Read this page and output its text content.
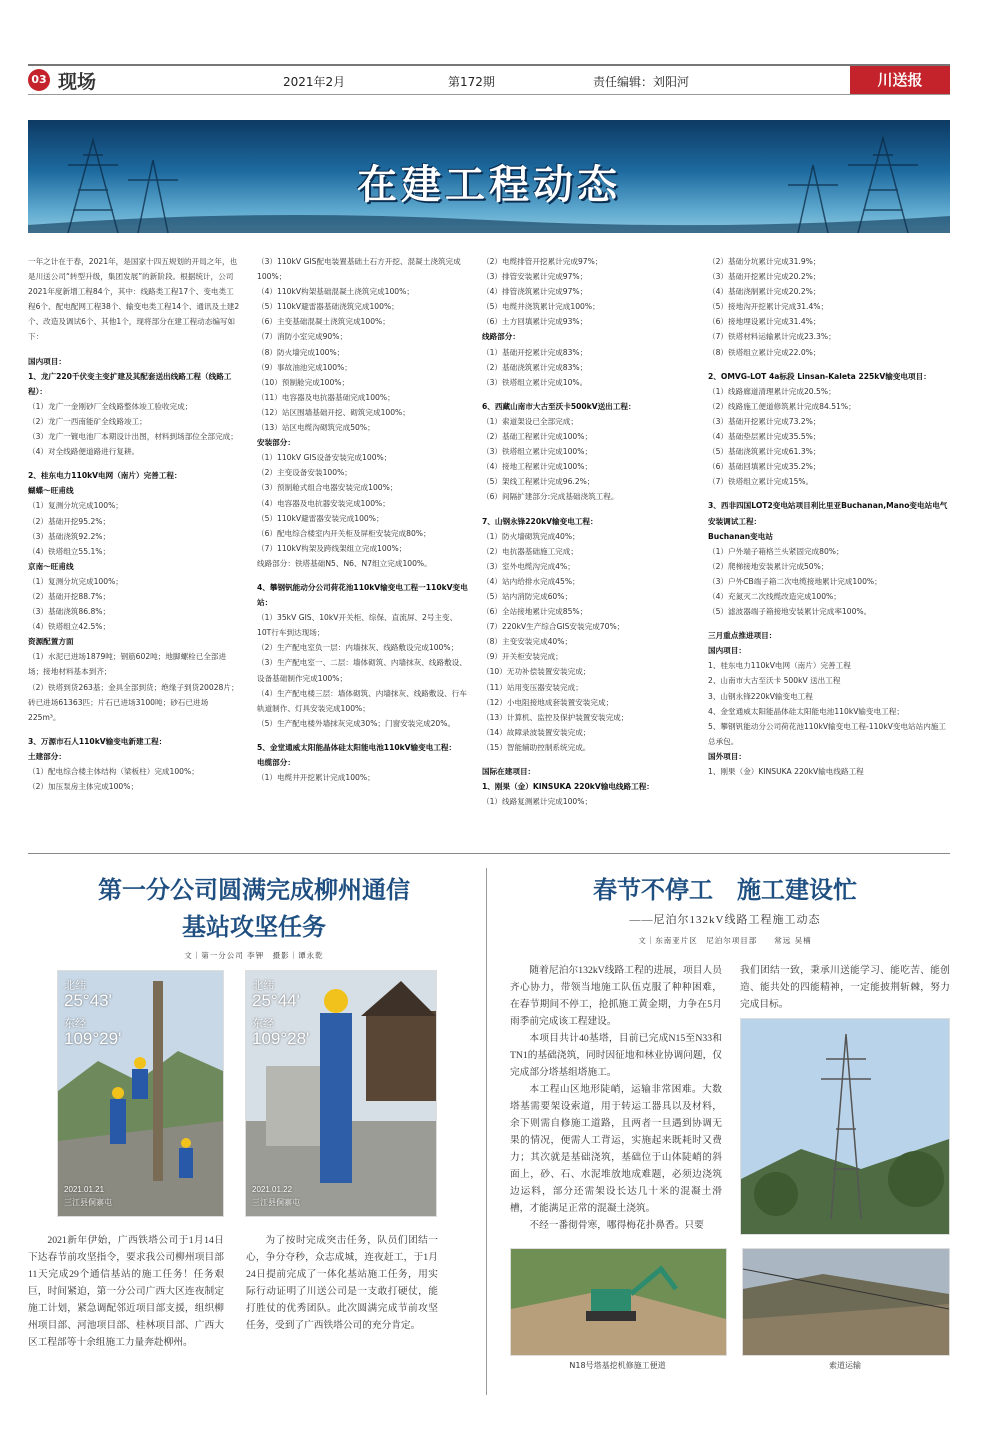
03 现场	2021年2月	第172期	责任编辑：刘阳河	川送报
在建工程动态
一年之计在于春，2021年，是国家十四五规划的开局之年，也是川送公司“转型升级，集团发展”的新阶段。根据统计，公司2021年度新增工程84个，其中：线路类工程17个、变电类工程6个、配电配网工程38个、输变电类工程14个、通讯及土建2个、改造及调试6个、其他1个，现将部分在建工程动态编写如下：
国内项目：
1、龙广220千伏变主变扩建及其配套送出线路工程（线路工程）：
（1）龙广一金刚砂厂全线路整体竣工验收完成；
（2）龙广一西南能矿全线路竣工；
（3）龙广一镀电池厂本期设计出图，材料到场部位全部完成；
（4）对全线路便道路进行复耕。
2、桂东电力110kV电网（南片）完善工程：
蝴蝶～旺甫线
（1）复测分坑完成100%；
（2）基础开挖95.2%；
（3）基础浇筑92.2%；
（4）铁塔组立55.1%；
京南～旺甫线
（1）复测分坑完成100%；
（2）基础开挖88.7%；
（3）基础浇筑86.8%；
（4）铁塔组立42.5%；
资源配置方面
（1）水泥已进场1879吨；钢筋602吨；地脚螺栓已全部进场；接地材料基本到齐；
（2）铁塔到货263基；金具全部到货；绝缘子到货20028片；砖已进场61363匹；片石已进场3100吨；砂石已进场225m³。
3、万源市石人110kV输变电新建工程：
土建部分：
（1）配电综合楼主体结构（梁板柱）完成100%；
（2）加压泵房主体完成100%；
（3）110kV GIS配电装置基础土石方开挖、混凝土浇筑完成100%；
（4）110kV构架基础混凝土浇筑完成100%；
（5）110kV避雷器基础浇筑完成100%；
（6）主变基础混凝土浇筑完成100%；
（7）消防小室完成90%；
（8）防火墙完成100%；
（9）事故油池完成100%；
（10）预制舱完成100%；
（11）电容器及电抗器基础完成100%；
（12）站区围墙基础开挖、砌筑完成100%；
（13）站区电缆沟砌筑完成50%；
安装部分：
（1）110kV GIS设备安装完成100%；
（2）主变设备安装100%；
（3）预制舱式组合电器安装完成100%；
（4）电容器及电抗器安装完成100%；
（5）110kV避雷器安装完成100%；
（6）配电综合楼室内开关柜及屏柜安装完成80%；
（7）110kV构架及跨线架组立完成100%；
线路部分：铁塔基础N5、N6、N7组立完成100%。
4、攀钢钒能动分公司荷花池110kV输变电工程一110kV变电站：
（1）35kV GIS、10kV开关柜、综保、直流屏、2号主变、10T行车到达现场；
（2）生产配电室负一层：内墙抹灰、线路敷设完成100%；
（3）生产配电室一、二层：墙体砌筑、内墙抹灰、线路敷设、设备基础制作完成100%；
（4）生产配电楼三层：墙体砌筑、内墙抹灰、线路敷设、行车轨道制作、灯具安装完成100%；
（5）生产配电楼外墙抹灰完成30%；门窗安装完成20%。
5、金堂通威太阳能晶体硅太阳能电池110kV输变电工程：
电缆部分：
（1）电缆井开挖累计完成100%；
（2）电缆排管开挖累计完成97%；
（3）排管安装累计完成97%；
（4）排管浇筑累计完成97%；
（5）电缆井浇筑累计完成100%；
（6）土方回填累计完成93%；
线路部分：
（1）基础开挖累计完成83%；
（2）基础浇筑累计完成83%；
（3）铁塔组立累计完成10%。
6、西藏山南市大古至沃卡500kV送出工程：
（1）索道架设已全部完成；
（2）基础工程累计完成100%；
（3）铁塔组立累计完成100%；
（4）接地工程累计完成100%；
（5）架线工程累计完成96.2%；
（6）间隔扩建部分:完成基础浇筑工程。
7、山钢永锋220kV输变电工程：
（1）防火墙砌筑完成40%；
（2）电抗器基础施工完成；
（3）室外电缆沟完成4%；
（4）站内给排水完成45%；
（5）站内消防完成60%；
（6）全站接地累计完成85%；
（7）220kV生产综合GIS安装完成70%；
（8）主变安装完成40%；
（9）开关柜安装完成；
（10）无功补偿装置安装完成；
（11）站用变压器安装完成；
（12）小电阻接地成套装置安装完成；
（13）计算机、监控及保护装置安装完成；
（14）故障录波装置安装完成；
（15）智能辅助控制系统完成。
国际在建项目：
1、刚果（金）KINSUKA 220kV输电线路工程：
（1）线路复测累计完成100%；
（2）基础分坑累计完成31.9%；
（3）基础开挖累计完成20.2%；
（4）基础浇制累计完成20.2%；
（5）接地沟开挖累计完成31.4%；
（6）接地埋设累计完成31.4%；
（7）铁塔材料运输累计完成23.3%；
（8）铁塔组立累计完成22.0%；
2、OMVG-LOT 4a标段 Linsan-Kaleta 225kV输变电项目：
（1）线路廊道清理累计完成20.5%；
（2）线路施工便道修筑累计完成84.51%；
（3）基础开挖累计完成73.2%；
（4）基础垫层累计完成35.5%；
（5）基础浇筑累计完成61.3%；
（6）基础回填累计完成35.2%；
（7）铁塔组立累计完成15%。
3、西非四国LOT2变电站项目利比里亚Buchanan,Mano变电站电气安装调试工程：
Buchanan变电站
（1）户外端子箱格兰头紧固完成80%；
（2）爬梯接地安装累计完成50%；
（3）户外CB端子箱二次电缆接地累计完成100%；
（4）充氮灭二次线缆改造完成100%；
（5）滤波器端子箱接地安装累计完成率100%。
三月重点推进项目：
国内项目：
1、桂东电力110kV电网（南片）完善工程
2、山南市大古至沃卡 500kV 送出工程
3、山钢永锋220kV输变电工程
4、金堂通威太阳能晶体硅太阳能电池110kV输变电工程；
5、攀钢钒能动分公司荷花池110kV输变电工程-110kV变电站站内施工总承包。
国外项目：
1、刚果（金）KINSUKA 220kV输电线路工程
第一分公司圆满完成柳州通信
基站攻坚任务
文｜第一分公司 李钾　摄影｜谭永乾
北纬
25°43'
东经
109°29'
2021.01.21
三江县侗寨屯
北纬
25°44'
东经
109°28'
2021.01.22
三江县侗寨屯
2021新年伊始，广西铁塔公司于1月14日下达春节前攻坚指令，要求我公司柳州项目部11天完成29个通信基站的施工任务！任务艰巨，时间紧迫，第一分公司广西大区连夜制定施工计划，紧急调配邻近项目部支援，组织柳州项目部、河池项目部、桂林项目部、广西大区工程部等十余组施工力量奔赴柳州。
为了按时完成突击任务，队员们团结一心，争分夺秒，众志成城，连夜赶工，于1月24日提前完成了一体化基站施工任务，用实际行动证明了川送公司是一支敢打硬仗，能打胜仗的优秀团队。此次圆满完成节前攻坚任务，受到了广西铁塔公司的充分肯定。
春节不停工　施工建设忙
——尼泊尔132kV线路工程施工动态
文｜东南亚片区　尼泊尔项目部　　常远 吴楠
随着尼泊尔132kV线路工程的进展，项目人员齐心协力，带领当地施工队伍克服了种种困难，在春节期间不停工，抢抓施工黄金期，力争在5月雨季前完成该工程建设。
本项目共计40基塔，目前已完成N15至N33和TN1的基础浇筑，同时因征地和林业协调问题，仅完成部分塔基组塔施工。
本工程山区地形陡峭，运输非常困难。大数塔基需要架设索道，用于转运工器具以及材料，余下则需自修施工道路，且两者一旦遇到协调无果的情况，便需人工背运，实施起来既耗时又费力；其次就是基础浇筑，基础位于山体陡峭的斜面上，砂、石、水泥堆放地成难题，必须边浇筑边运料，部分还需架设长达几十米的混凝土滑槽，才能满足正常的混凝土浇筑。
不经一番彻骨寒，哪得梅花扑鼻香。只要
我们团结一致，秉承川送能学习、能吃苦、能创造、能共处的四能精神，一定能披荆斩棘，努力完成目标。
N18号塔基挖机修施工便道	索道运输
